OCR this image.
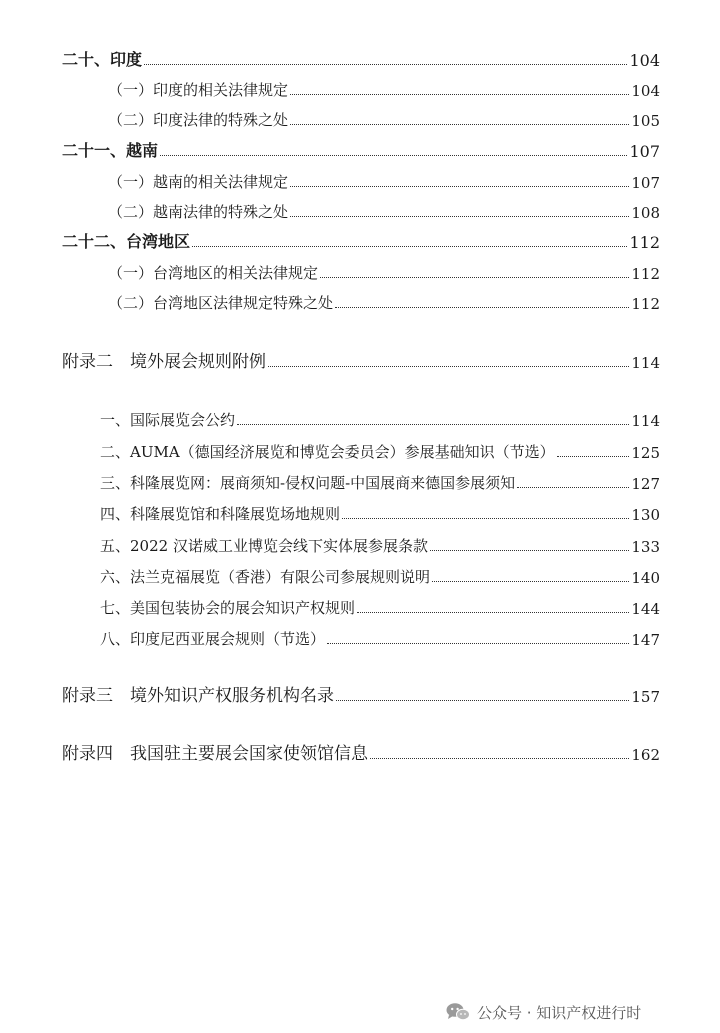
二十、印度	104
（一）印度的相关法律规定	104
（二）印度法律的特殊之处	105
二十一、越南	107
（一）越南的相关法律规定	107
（二）越南法律的特殊之处	108
二十二、台湾地区	112
（一）台湾地区的相关法律规定	112
（二）台湾地区法律规定特殊之处	112
附录二　境外展会规则附例	114
一、国际展览会公约	114
二、AUMA（德国经济展览和博览会委员会）参展基础知识（节选）	125
三、科隆展览网：展商须知-侵权问题-中国展商来德国参展须知	127
四、科隆展览馆和科隆展览场地规则	130
五、2022 汉诺威工业博览会线下实体展参展条款	133
六、法兰克福展览（香港）有限公司参展规则说明	140
七、美国包装协会的展会知识产权规则	144
八、印度尼西亚展会规则（节选）	147
附录三　境外知识产权服务机构名录	157
附录四　我国驻主要展会国家使领馆信息	162
公众号 · 知识产权进行时
